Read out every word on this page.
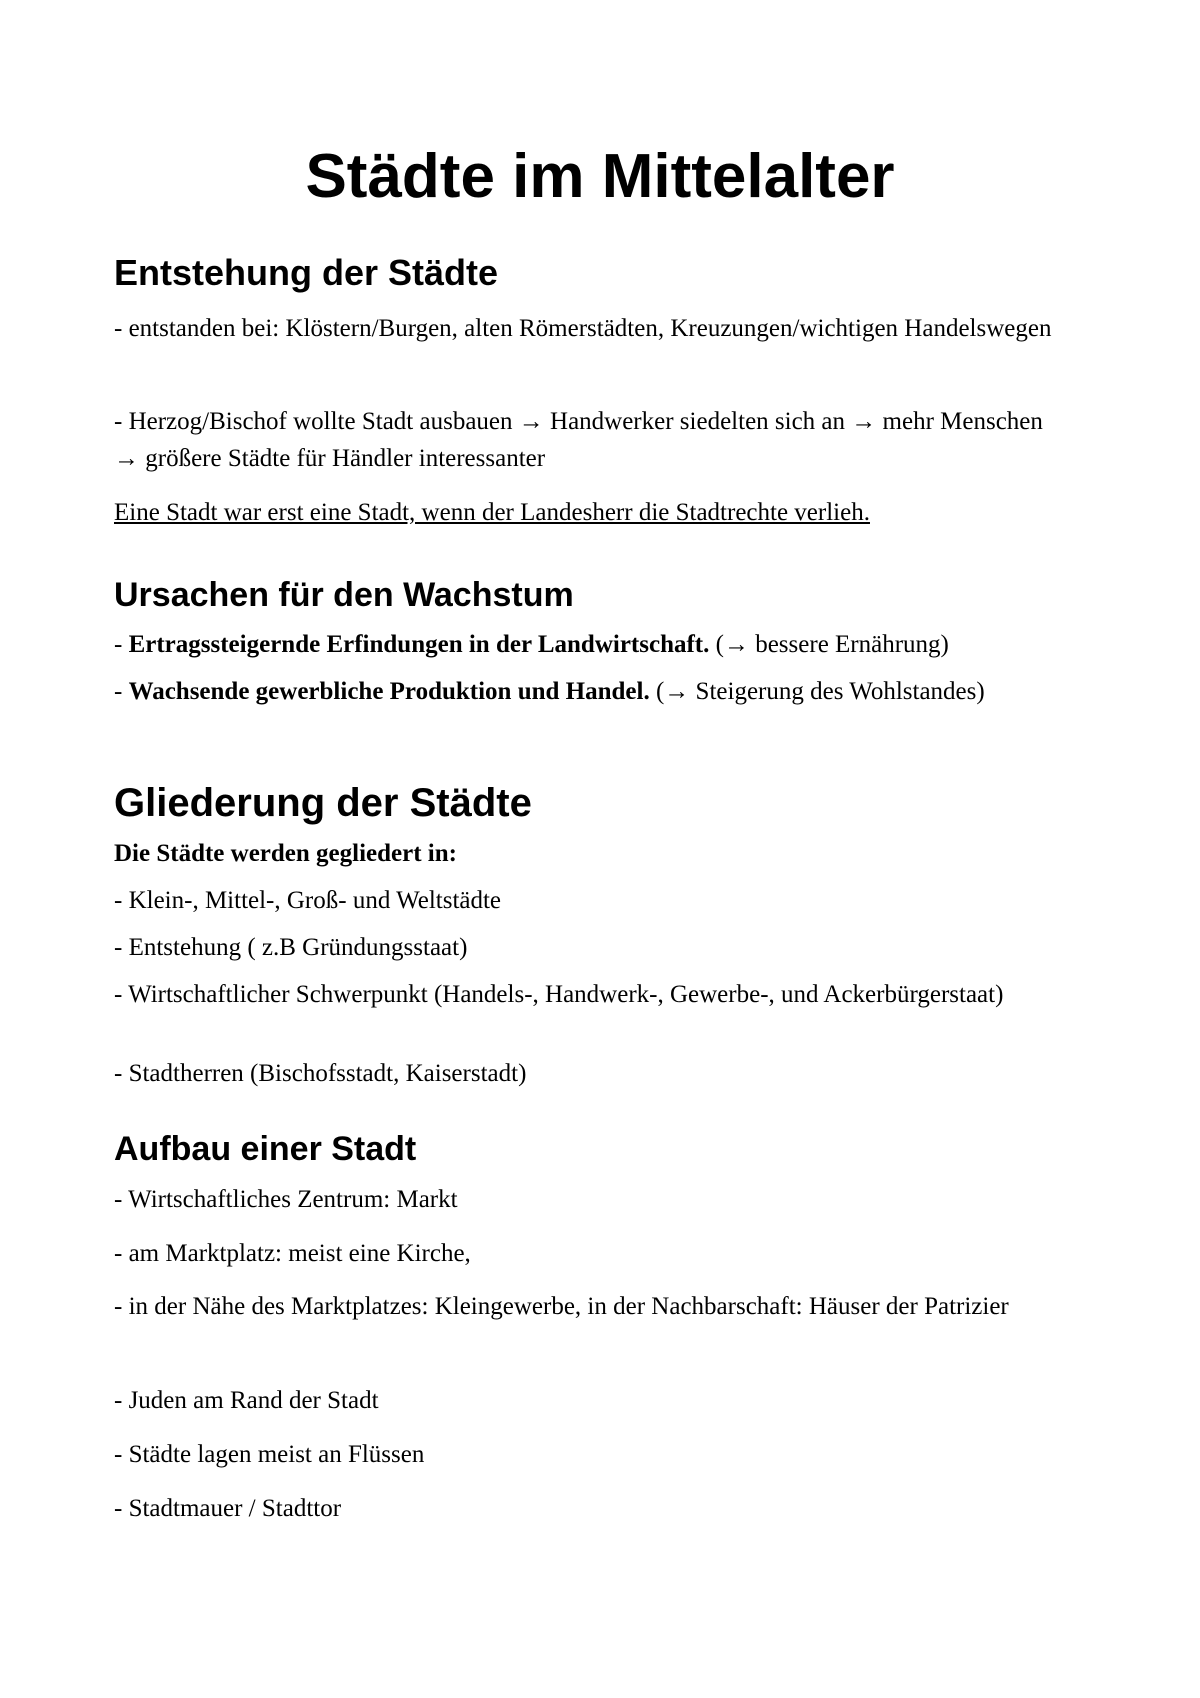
Städte im Mittelalter
Entstehung der Städte

- entstanden bei: Klöstern/Burgen, alten Römerstädten, Kreuzungen/wichtigen Handelswegen

- Herzog/Bischof wollte Stadt ausbauen → Handwerker siedelten sich an → mehr Menschen → größere Städte für Händler interessanter

Eine Stadt war erst eine Stadt, wenn der Landesherr die Stadtrechte verlieh.

Ursachen für den Wachstum

- Ertragssteigernde Erfindungen in der Landwirtschaft. (→ bessere Ernährung)

- Wachsende gewerbliche Produktion und Handel. (→ Steigerung des Wohlstandes)

Gliederung der Städte

Die Städte werden gegliedert in:

- Klein-, Mittel-, Groß- und Weltstädte

- Entstehung ( z.B Gründungsstaat)

- Wirtschaftlicher Schwerpunkt (Handels-, Handwerk-, Gewerbe-, und Ackerbürgerstaat)

- Stadtherren (Bischofsstadt, Kaiserstadt)

Aufbau einer Stadt

- Wirtschaftliches Zentrum: Markt

- am Marktplatz: meist eine Kirche,

- in der Nähe des Marktplatzes: Kleingewerbe, in der Nachbarschaft: Häuser der Patrizier

- Juden am Rand der Stadt

- Städte lagen meist an Flüssen

- Stadtmauer / Stadttor
